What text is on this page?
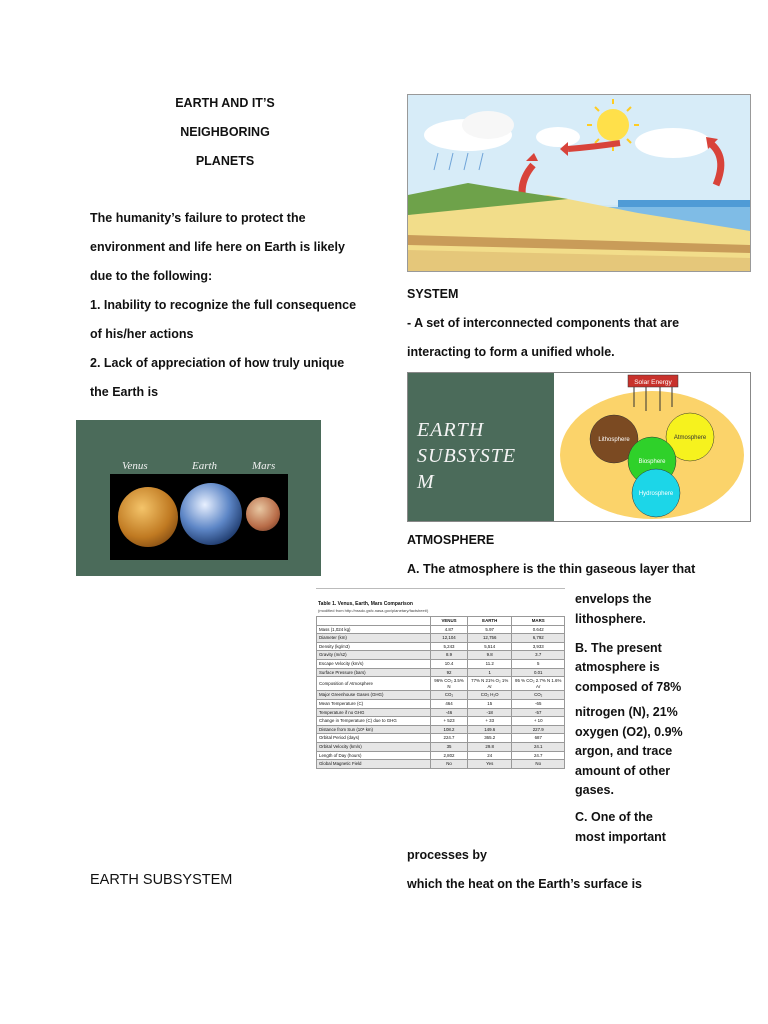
EARTH AND IT’S
NEIGHBORING
PLANETS
The humanity’s failure to protect the
environment and life here on Earth is likely
due to the following:
1. Inability to recognize the full consequence
of his/her actions
2. Lack of appreciation of how truly unique
the Earth is
Venus	Earth	Mars
EARTH SUBSYSTEM
SYSTEM
- A set of interconnected components that are
interacting to form a unified whole.
EARTH
SUBSYSTE
M
Solar Energy
Lithosphere	Atmosphere
Biosphere
Hydrosphere
ATMOSPHERE
A. The atmosphere is the thin gaseous layer that
envelops the
lithosphere.
B. The present
atmosphere is
composed of 78%
nitrogen (N), 21%
oxygen (O2), 0.9%
argon, and trace
amount of other
gases.
C. One of the
most important
processes by
which the heat on the Earth’s surface is
Table 1. Venus, Earth, Mars Comparison
(modified from http://nssdc.gsfc.nasa.gov/planetary/factsheet/)
	VENUS	EARTH	MARS
Mass (1,024 kg)	4.87	5.97	0.642
Diameter (km)	12,104	12,756	6,792
Density (kg/m3)	5,243	5,514	3,933
Gravity (m/s2)	8.9	9.8	3.7
Escape Velocity (km/s)	10.4	11.2	5
Surface Pressure (bars)	92	1	0.01
Composition of Atmosphere	96% CO₂ 3.5% N	77% N 21% O₂ 1% Ar	95 % CO₂ 2.7% N 1.6% Ar
Major Greenhouse Gases (GHG)	CO₂	CO₂ H₂O	CO₂
Mean Temperature (C)	464	15	-65
Temperature if no GHG	-46	-18	-57
Change in Temperature (C) due to GHG	+ 523	+ 33	+ 10
Distance from Sun (10⁶ km)	108.2	149.6	227.9
Orbital Period (days)	224.7	365.2	687
Orbital Velocity (km/s)	35	29.8	24.1
Length of Day (hours)	2,802	24	24.7
Global Magnetic Field	No	Yes	No
